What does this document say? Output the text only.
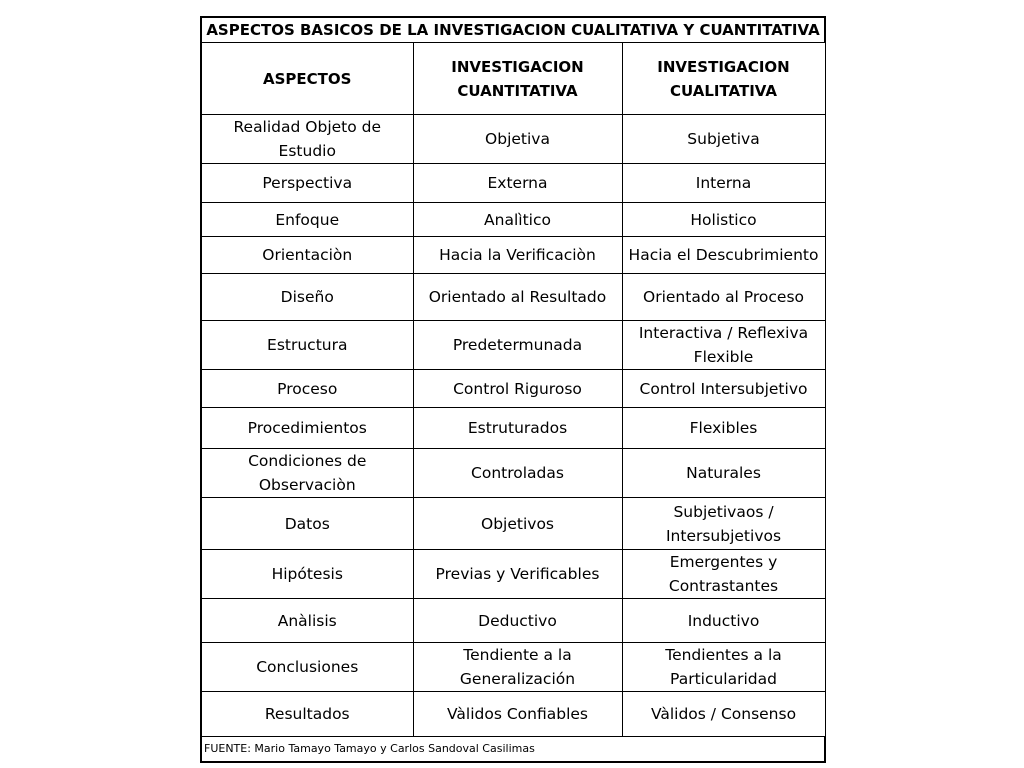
ASPECTOS BASICOS DE LA INVESTIGACION CUALITATIVA Y CUANTITATIVA		
ASPECTOS	INVESTIGACION CUANTITATIVA	INVESTIGACION CUALITATIVA
Realidad Objeto de Estudio	Objetiva	Subjetiva
Perspectiva	Externa	Interna
Enfoque	Analìtico	Holistico
Orientaciòn	Hacia la Verificaciòn	Hacia el Descubrimiento
Diseño	Orientado al Resultado	Orientado al Proceso
Estructura	Predetermunada	Interactiva / Reflexiva Flexible
Proceso	Control Riguroso	Control Intersubjetivo
Procedimientos	Estruturados	Flexibles
Condiciones de Observaciòn	Controladas	Naturales
Datos	Objetivos	Subjetivaos / Intersubjetivos
Hipótesis	Previas y Verificables	Emergentes y Contrastantes
Anàlisis	Deductivo	Inductivo
Conclusiones	Tendiente a la Generalización	Tendientes a la Particularidad
Resultados	Vàlidos Confiables	Vàlidos / Consenso
FUENTE: Mario Tamayo Tamayo y Carlos Sandoval Casilimas		
